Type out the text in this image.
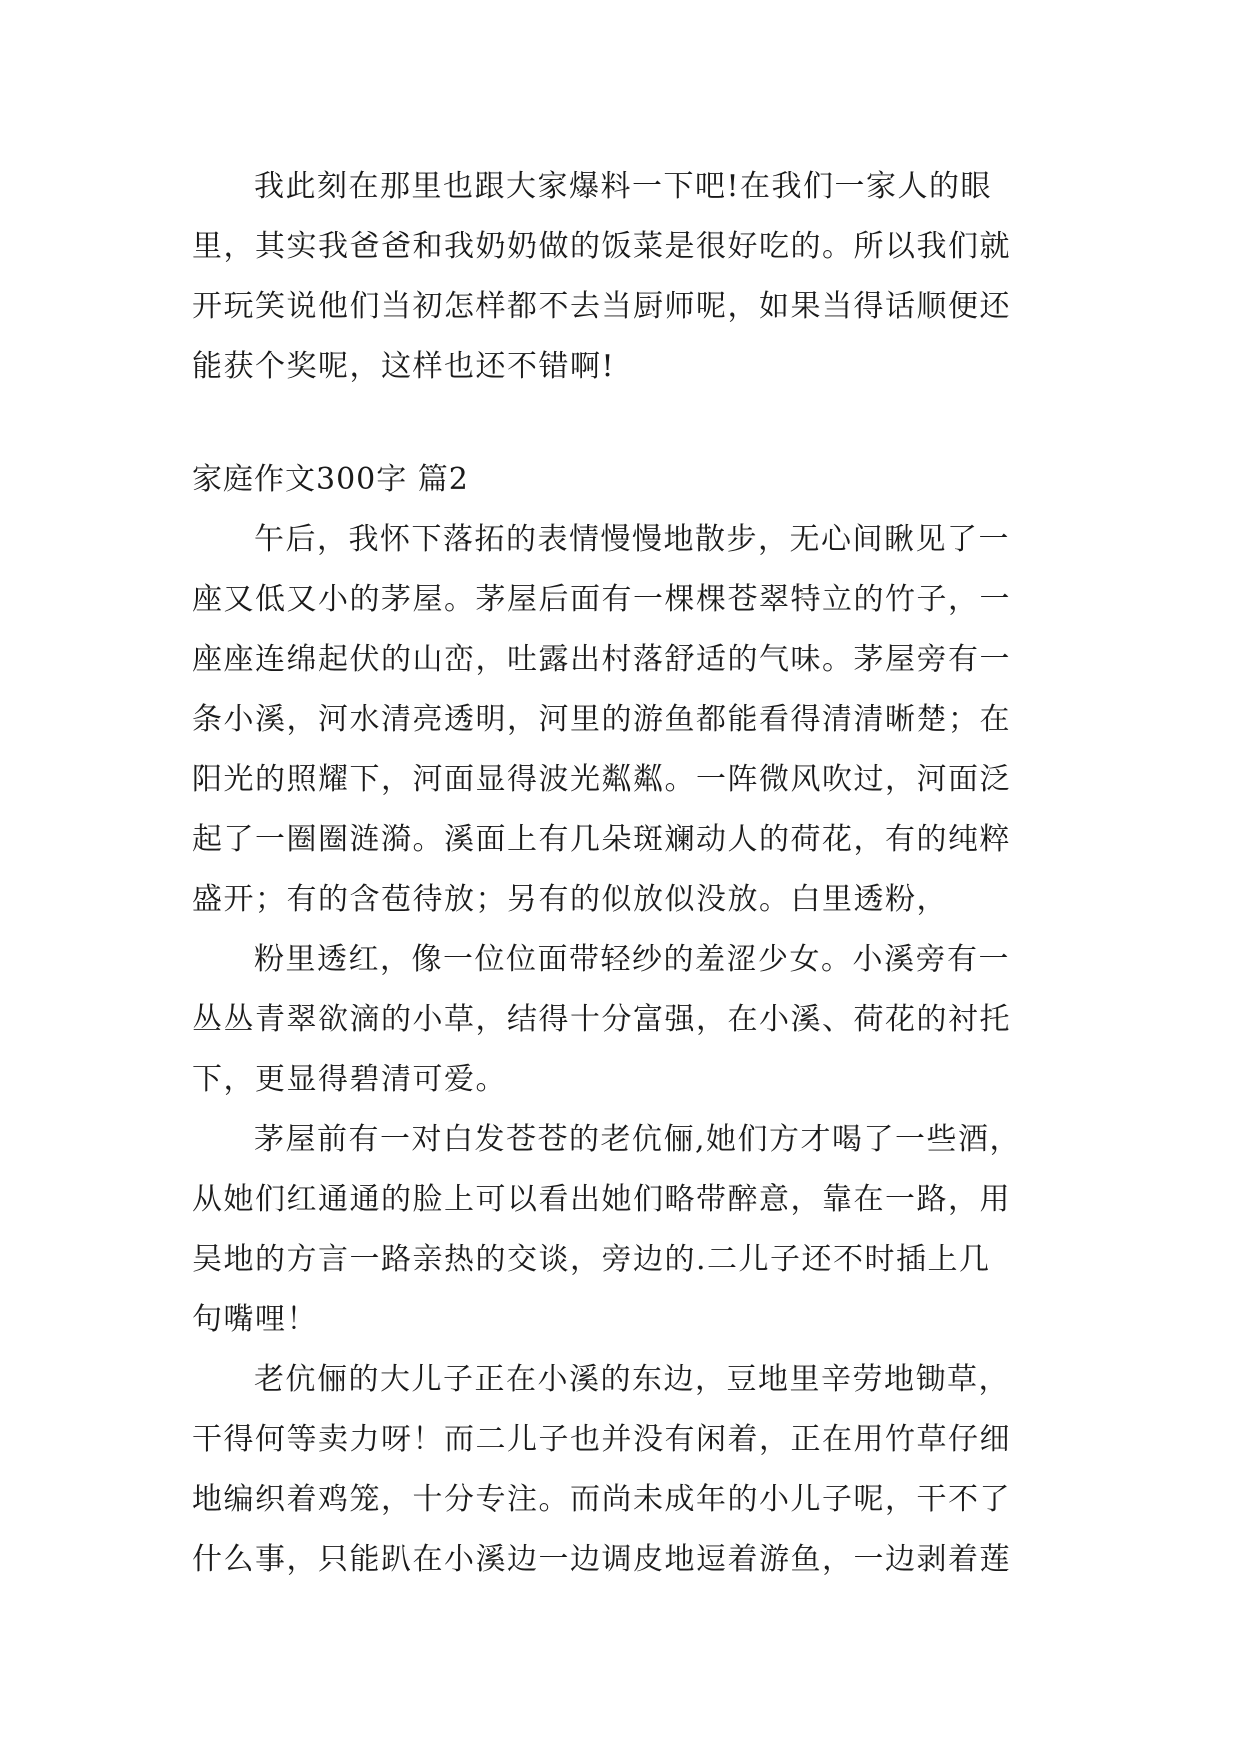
我此刻在那里也跟大家爆料一下吧!在我们一家人的眼
里，其实我爸爸和我奶奶做的饭菜是很好吃的。所以我们就
开玩笑说他们当初怎样都不去当厨师呢，如果当得话顺便还
能获个奖呢，这样也还不错啊!
家庭作文300字 篇2
午后，我怀下落拓的表情慢慢地散步，无心间瞅见了一
座又低又小的茅屋。茅屋后面有一棵棵苍翠特立的竹子，一
座座连绵起伏的山峦，吐露出村落舒适的气味。茅屋旁有一
条小溪，河水清亮透明，河里的游鱼都能看得清清晰楚；在
阳光的照耀下，河面显得波光粼粼。一阵微风吹过，河面泛
起了一圈圈涟漪。溪面上有几朵斑斓动人的荷花，有的纯粹
盛开；有的含苞待放；另有的似放似没放。白里透粉，
粉里透红，像一位位面带轻纱的羞涩少女。小溪旁有一
丛丛青翠欲滴的小草，结得十分富强，在小溪、荷花的衬托
下，更显得碧清可爱。
茅屋前有一对白发苍苍的老伉俪,她们方才喝了一些酒，
从她们红通通的脸上可以看出她们略带醉意，靠在一路，用
吴地的方言一路亲热的交谈，旁边的.二儿子还不时插上几
句嘴哩！
老伉俪的大儿子正在小溪的东边，豆地里辛劳地锄草，
干得何等卖力呀！而二儿子也并没有闲着，正在用竹草仔细
地编织着鸡笼，十分专注。而尚未成年的小儿子呢，干不了
什么事，只能趴在小溪边一边调皮地逗着游鱼，一边剥着莲
